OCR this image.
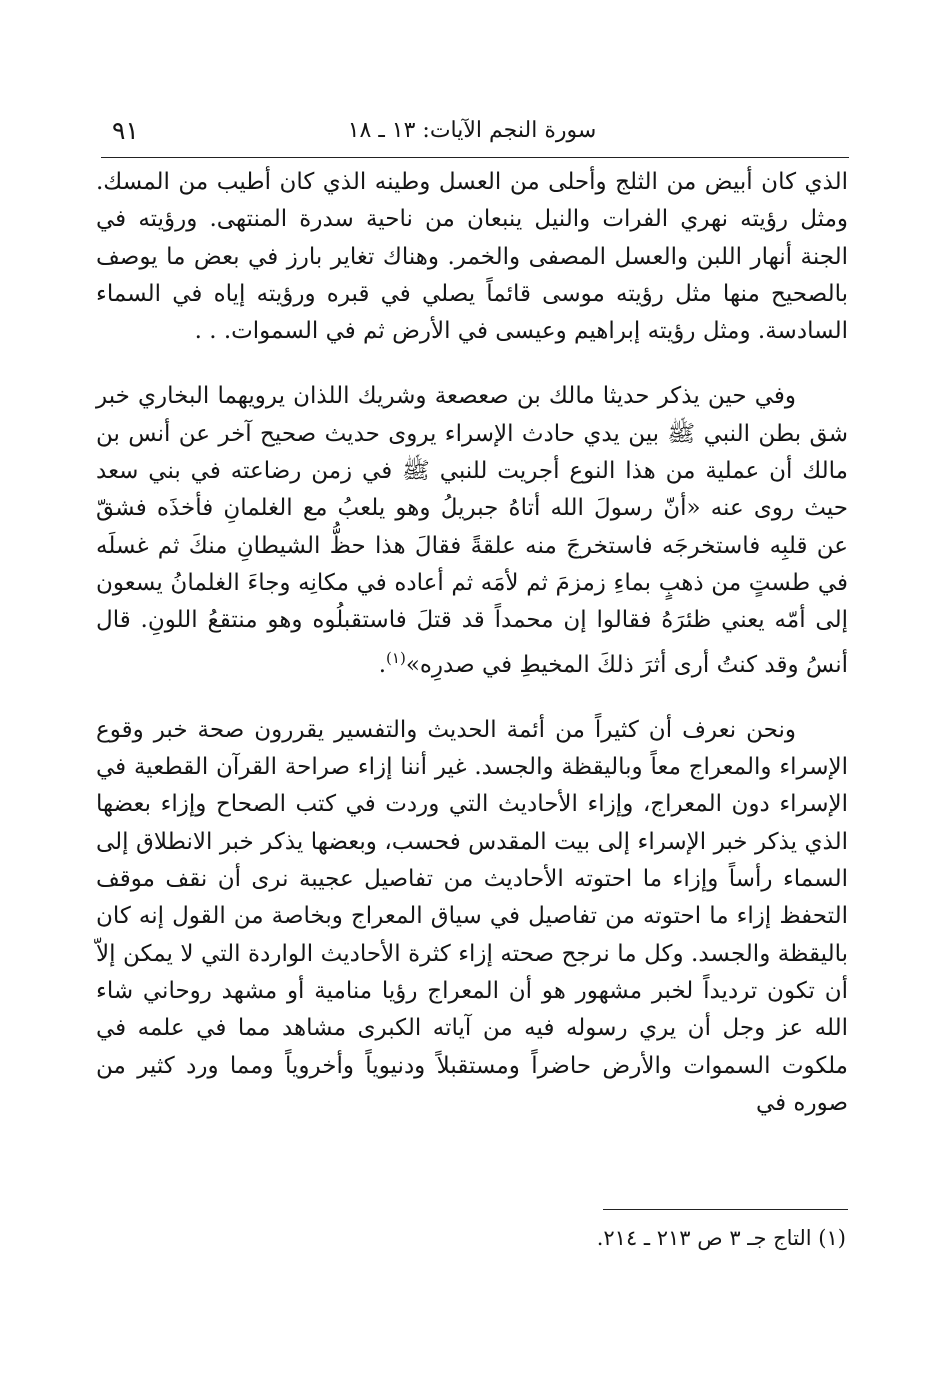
٩١	سورة النجم الآيات: ١٣ ـ ١٨

الذي كان أبيض من الثلج وأحلى من العسل وطينه الذي كان أطيب من المسك. ومثل رؤيته نهري الفرات والنيل ينبعان من ناحية سدرة المنتهى. ورؤيته في الجنة أنهار اللبن والعسل المصفى والخمر. وهناك تغاير بارز في بعض ما يوصف بالصحيح منها مثل رؤيته موسى قائماً يصلي في قبره ورؤيته إياه في السماء السادسة. ومثل رؤيته إبراهيم وعيسى في الأرض ثم في السموات. . .

وفي حين يذكر حديثا مالك بن صعصعة وشريك اللذان يرويهما البخاري خبر شق بطن النبي ﷺ بين يدي حادث الإسراء يروى حديث صحيح آخر عن أنس بن مالك أن عملية من هذا النوع أجريت للنبي ﷺ في زمن رضاعته في بني سعد حيث روى عنه «أنّ رسولَ الله أتاهُ جبريلُ وهو يلعبُ مع الغلمانِ فأخذَه فشقّ عن قلبِه فاستخرجَه فاستخرجَ منه علقةً فقالَ هذا حظُّ الشيطانِ منكَ ثم غسلَه في طستٍ من ذهبٍ بماءِ زمزمَ ثم لأمَه ثم أعاده في مكانِه وجاءَ الغلمانُ يسعون إلى أمّه يعني ظئرَهُ فقالوا إن محمداً قد قتلَ فاستقبلُوه وهو منتقعُ اللونِ. قال أنسُ وقد كنتُ أرى أثرَ ذلكَ المخيطِ في صدرِه»$^{(١)}$.

ونحن نعرف أن كثيراً من أئمة الحديث والتفسير يقررون صحة خبر وقوع الإسراء والمعراج معاً وباليقظة والجسد. غير أننا إزاء صراحة القرآن القطعية في الإسراء دون المعراج، وإزاء الأحاديث التي وردت في كتب الصحاح وإزاء بعضها الذي يذكر خبر الإسراء إلى بيت المقدس فحسب، وبعضها يذكر خبر الانطلاق إلى السماء رأساً وإزاء ما احتوته الأحاديث من تفاصيل عجيبة نرى أن نقف موقف التحفظ إزاء ما احتوته من تفاصيل في سياق المعراج وبخاصة من القول إنه كان باليقظة والجسد. وكل ما نرجح صحته إزاء كثرة الأحاديث الواردة التي لا يمكن إلاّ أن تكون ترديداً لخبر مشهور هو أن المعراج رؤيا منامية أو مشهد روحاني شاء الله عز وجل أن يري رسوله فيه من آياته الكبرى مشاهد مما في علمه في ملكوت السموات والأرض حاضراً ومستقبلاً ودنيوياً وأخروياً ومما ورد كثير من صوره في

(١) التاج جـ ٣ ص ٢١٣ ـ ٢١٤.
